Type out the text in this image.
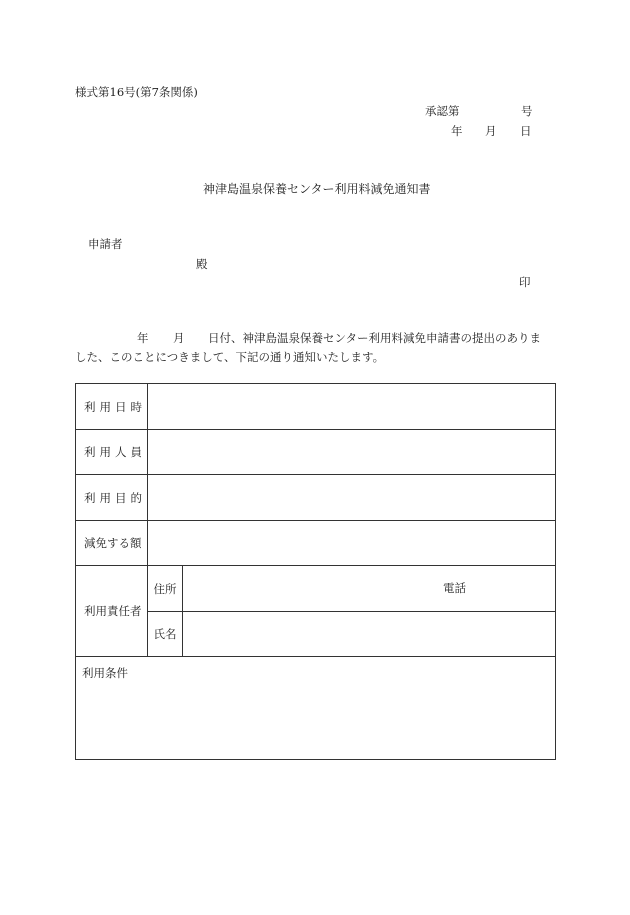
様式第16号(第7条関係)
承認第	号
年 月 日
神津島温泉保養センター利用料減免通知書
申請者
殿
印
年 月 日付、神津島温泉保養センター利用料減免申請書の提出のありま
した、このことにつきまして、下記の通り通知いたします。
利用日時		
利用人員		
利用目的		
減免する額		
利用責任者	住所	電話

	氏名	
利用条件		
